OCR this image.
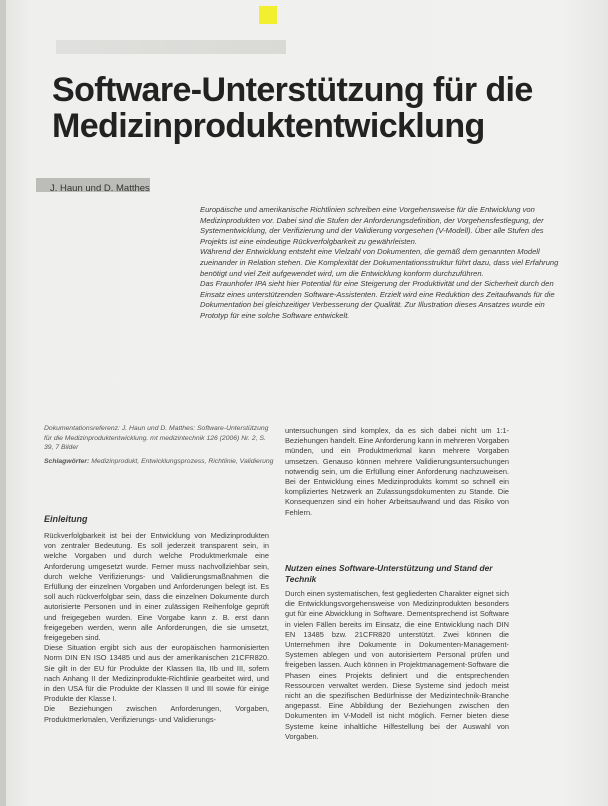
Software-Unterstützung für die
Medizinproduktentwicklung
J. Haun und D. Matthes

Europäische und amerikanische Richtlinien schreiben eine Vorgehensweise für die Entwicklung von Medizinprodukten vor. Dabei sind die Stufen der Anforderungsdefinition, der Vorgehensfestlegung, der Systementwicklung, der Verifizierung und der Validierung vorgesehen (V-Modell). Über alle Stufen des Projekts ist eine eindeutige Rückverfolgbarkeit zu gewährleisten.

Während der Entwicklung entsteht eine Vielzahl von Dokumenten, die gemäß dem genannten Modell zueinander in Relation stehen. Die Komplexität der Dokumentationsstruktur führt dazu, dass viel Erfahrung benötigt und viel Zeit aufgewendet wird, um die Entwicklung konform durchzuführen.

Das Fraunhofer IPA sieht hier Potential für eine Steigerung der Produktivität und der Sicherheit durch den Einsatz eines unterstützenden Software-Assistenten. Erzielt wird eine Reduktion des Zeitaufwands für die Dokumentation bei gleichzeitiger Verbesserung der Qualität. Zur Illustration dieses Ansatzes wurde ein Prototyp für eine solche Software entwickelt.

Dokumentationsreferenz: J. Haun und D. Matthes: Software-Unterstützung für die Medizinproduktentwicklung. mt medizintechnik 126 (2006) Nr. 2, S. 39, 7 Bilder

Schlagwörter: Medizinprodukt, Entwicklungsprozess, Richtlinie, Validierung

Einleitung

Rückverfolgbarkeit ist bei der Entwicklung von Medizinprodukten von zentraler Bedeutung. Es soll jederzeit transparent sein, in welche Vorgaben und durch welche Produktmerkmale eine Anforderung umgesetzt wurde. Ferner muss nachvollziehbar sein, durch welche Verifizierungs- und Validierungsmaßnahmen die Erfüllung der einzelnen Vorgaben und Anforderungen belegt ist. Es soll auch rückverfolgbar sein, dass die einzelnen Dokumente durch autorisierte Personen und in einer zulässigen Reihenfolge geprüft und freigegeben wurden. Eine Vorgabe kann z. B. erst dann freigegeben werden, wenn alle Anforderungen, die sie umsetzt, freigegeben sind.

Diese Situation ergibt sich aus der europäischen harmonisierten Norm DIN EN ISO 13485 und aus der amerikanischen 21CFR820. Sie gilt in der EU für Produkte der Klassen IIa, IIb und III, sofern nach Anhang II der Medizinprodukte-Richtlinie gearbeitet wird, und in den USA für die Produkte der Klassen II und III sowie für einige Produkte der Klasse I.

Die Beziehungen zwischen Anforderungen, Vorgaben, Produktmerkmalen, Verifizierungs- und Validierungs-

untersuchungen sind komplex, da es sich dabei nicht um 1:1-Beziehungen handelt. Eine Anforderung kann in mehreren Vorgaben münden, und ein Produktmerkmal kann mehrere Vorgaben umsetzen. Genauso können mehrere Validierungsuntersuchungen notwendig sein, um die Erfüllung einer Anforderung nachzuweisen. Bei der Entwicklung eines Medizinprodukts kommt so schnell ein kompliziertes Netzwerk an Zulassungsdokumenten zu Stande. Die Konsequenzen sind ein hoher Arbeitsaufwand und das Risiko von Fehlern.

Nutzen eines Software-Unterstützung und Stand der Technik

Durch einen systematischen, fest gegliederten Charakter eignet sich die Entwicklungsvorgehensweise von Medizinprodukten besonders gut für eine Abwicklung in Software. Dementsprechend ist Software in vielen Fällen bereits im Einsatz, die eine Entwicklung nach DIN EN 13485 bzw. 21CFR820 unterstützt. Zwei können die Unternehmen ihre Dokumente in Dokumenten-Management-Systemen ablegen und von autorisiertem Personal prüfen und freigeben lassen. Auch können in Projektmanagement-Software die Phasen eines Projekts definiert und die entsprechenden Ressourcen verwaltet werden. Diese Systeme sind jedoch meist nicht an die spezifischen Bedürfnisse der Medizintechnik-Branche angepasst. Eine Abbildung der Beziehungen zwischen den Dokumenten im V-Modell ist nicht möglich. Ferner bieten diese Systeme keine inhaltliche Hilfestellung bei der Auswahl von Vorgaben.
